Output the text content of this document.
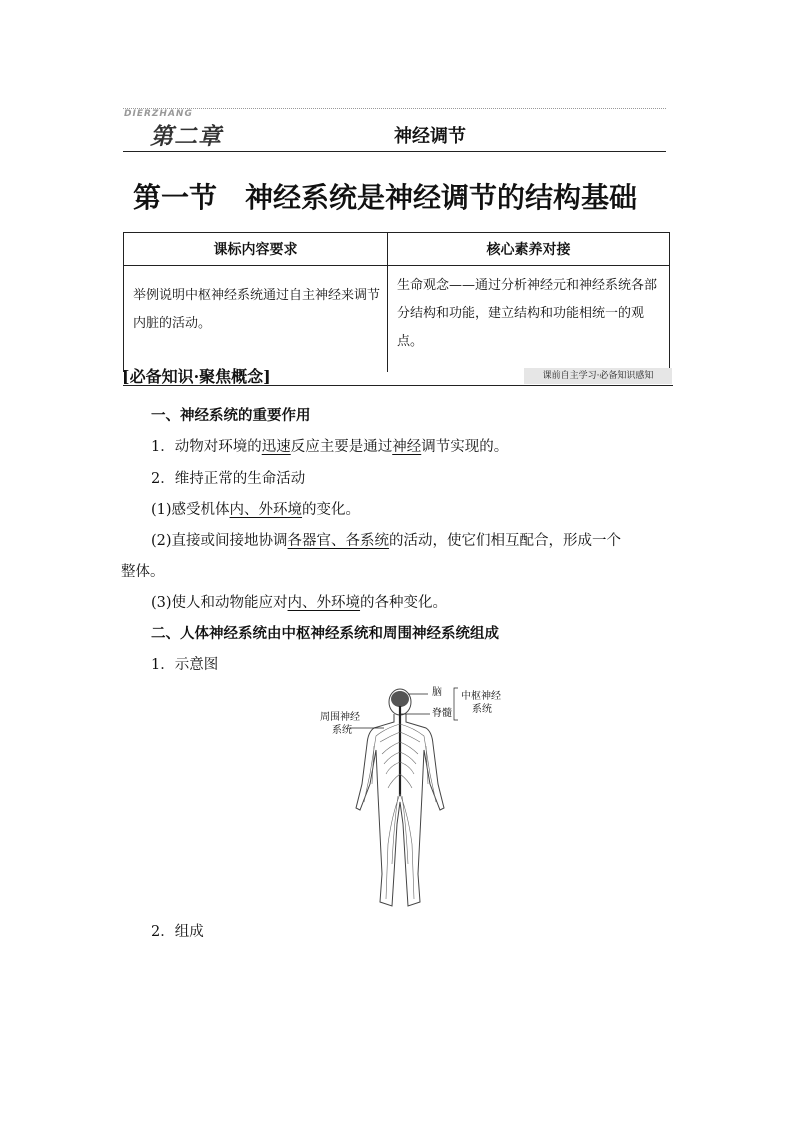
DIERZHANG
第二章	神经调节
第一节　神经系统是神经调节的结构基础
课标内容要求	核心素养对接
举例说明中枢神经系统通过自主神经来调节内脏的活动。	生命观念——通过分析神经元和神经系统各部分结构和功能，建立结构和功能相统一的观点。
[必备知识·聚焦概念]	课前自主学习·必备知识感知
一、神经系统的重要作用
1．动物对环境的迅速反应主要是通过神经调节实现的。
2．维持正常的生命活动
(1)感受机体内、外环境的变化。
(2)直接或间接地协调各器官、各系统的活动，使它们相互配合，形成一个
整体。
(3)使人和动物能应对内、外环境的各种变化。
二、人体神经系统由中枢神经系统和周围神经系统组成
1．示意图
脑
脊髓
中枢神经
系统
周围神经
系统
2．组成
